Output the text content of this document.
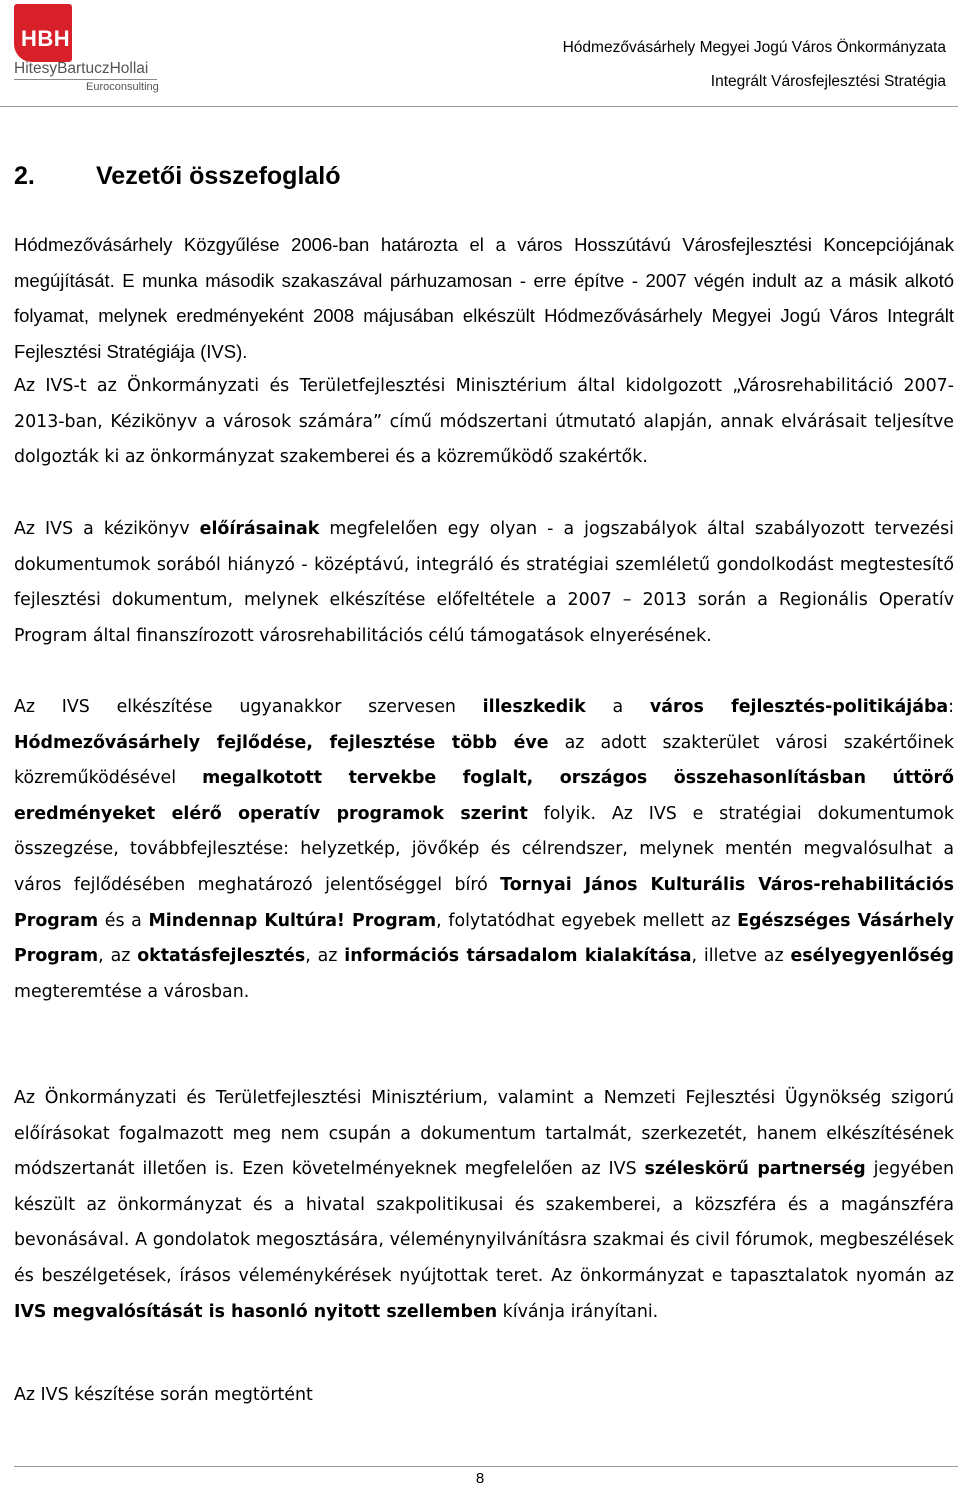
HBH
HitesyBartuczHollai
Euroconsulting
Hódmezővásárhely Megyei Jogú Város Önkormányzata
Integrált Városfejlesztési Stratégia
2. Vezetői összefoglaló
Hódmezővásárhely Közgyűlése 2006-ban határozta el a város Hosszútávú Városfejlesztési Koncepciójának megújítását. E munka második szakaszával párhuzamosan - erre építve - 2007 végén indult az a másik alkotó folyamat, melynek eredményeként 2008 májusában elkészült Hódmezővásárhely Megyei Jogú Város Integrált Fejlesztési Stratégiája (IVS).
Az IVS-t az Önkormányzati és Területfejlesztési Minisztérium által kidolgozott „Városrehabilitáció 2007-2013-ban, Kézikönyv a városok számára” című módszertani útmutató alapján, annak elvárásait teljesítve dolgozták ki az önkormányzat szakemberei és a közreműködő szakértők.
Az IVS a kézikönyv előírásainak megfelelően egy olyan - a jogszabályok által szabályozott tervezési dokumentumok sorából hiányzó - középtávú, integráló és stratégiai szemléletű gondolkodást megtestesítő fejlesztési dokumentum, melynek elkészítése előfeltétele a 2007 – 2013 során a Regionális Operatív Program által finanszírozott városrehabilitációs célú támogatások elnyerésének.
Az IVS elkészítése ugyanakkor szervesen illeszkedik a város fejlesztés-politikájába: Hódmezővásárhely fejlődése, fejlesztése több éve az adott szakterület városi szakértőinek közreműködésével megalkotott tervekbe foglalt, országos összehasonlításban úttörő eredményeket elérő operatív programok szerint folyik. Az IVS e stratégiai dokumentumok összegzése, továbbfejlesztése: helyzetkép, jövőkép és célrendszer, melynek mentén megvalósulhat a város fejlődésében meghatározó jelentőséggel bíró Tornyai János Kulturális Város-rehabilitációs Program és a Mindennap Kultúra! Program, folytatódhat egyebek mellett az Egészséges Vásárhely Program, az oktatásfejlesztés, az információs társadalom kialakítása, illetve az esélyegyenlőség megteremtése a városban.
Az Önkormányzati és Területfejlesztési Minisztérium, valamint a Nemzeti Fejlesztési Ügynökség szigorú előírásokat fogalmazott meg nem csupán a dokumentum tartalmát, szerkezetét, hanem elkészítésének módszertanát illetően is. Ezen követelményeknek megfelelően az IVS széleskörű partnerség jegyében készült az önkormányzat és a hivatal szakpolitikusai és szakemberei, a közszféra és a magánszféra bevonásával. A gondolatok megosztására, véleménynyilvánításra szakmai és civil fórumok, megbeszélések és beszélgetések, írásos véleménykérések nyújtottak teret. Az önkormányzat e tapasztalatok nyomán az IVS megvalósítását is hasonló nyitott szellemben kívánja irányítani.
Az IVS készítése során megtörtént
8
